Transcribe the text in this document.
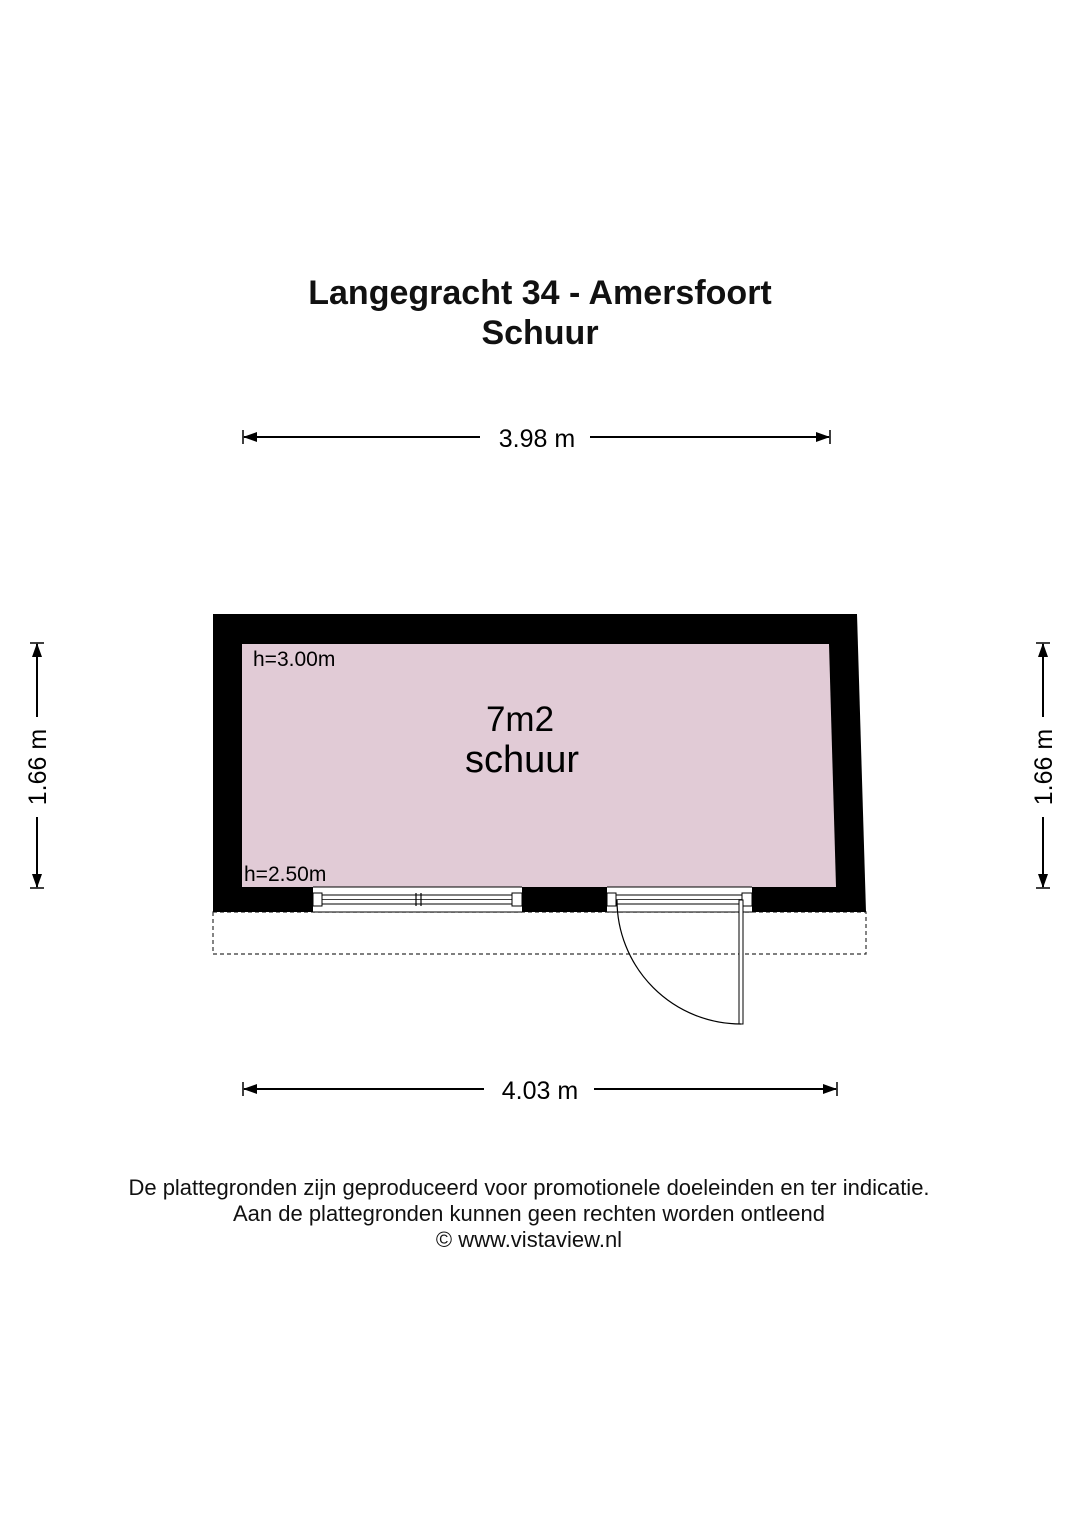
Langegracht 34 - Amersfoort
Schuur
3.98 m
4.03 m
1.66 m	1.66 m
h=3.00m
h=2.50m
7m2
schuur
De plattegronden zijn geproduceerd voor promotionele doeleinden en ter indicatie.
Aan de plattegronden kunnen geen rechten worden ontleend
© www.vistaview.nl
